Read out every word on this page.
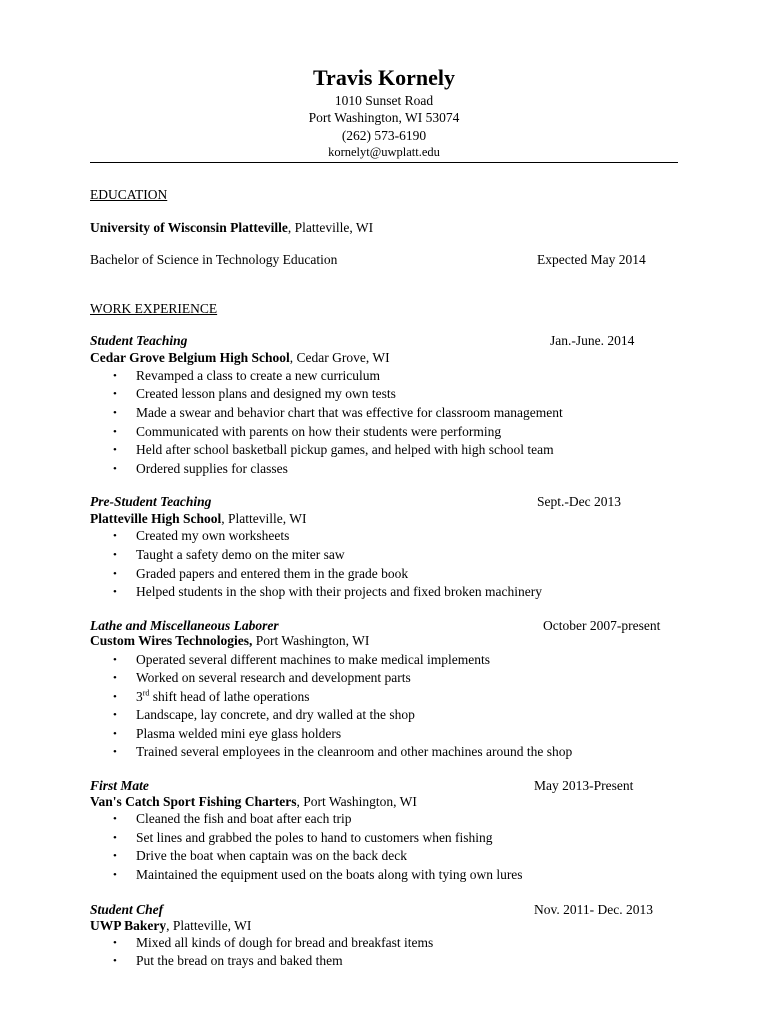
Travis Kornely
1010 Sunset Road
Port Washington, WI 53074
(262) 573-6190
kornelyt@uwplatt.edu
EDUCATION
University of Wisconsin Platteville, Platteville, WI
Bachelor of Science in Technology Education	Expected May 2014
WORK EXPERIENCE
Student Teaching	Jan.-June. 2014
Cedar Grove Belgium High School, Cedar Grove, WI
• Revamped a class to create a new curriculum
• Created lesson plans and designed my own tests
• Made a swear and behavior chart that was effective for classroom management
• Communicated with parents on how their students were performing
• Held after school basketball pickup games, and helped with high school team
• Ordered supplies for classes
Pre-Student Teaching	Sept.-Dec 2013
Platteville High School, Platteville, WI
• Created my own worksheets
• Taught a safety demo on the miter saw
• Graded papers and entered them in the grade book
• Helped students in the shop with their projects and fixed broken machinery
Lathe and Miscellaneous Laborer	October 2007-present
Custom Wires Technologies, Port Washington, WI
• Operated several different machines to make medical implements
• Worked on several research and development parts
• 3rd shift head of lathe operations
• Landscape, lay concrete, and dry walled at the shop
• Plasma welded mini eye glass holders
• Trained several employees in the cleanroom and other machines around the shop
First Mate	May 2013-Present
Van's Catch Sport Fishing Charters, Port Washington, WI
• Cleaned the fish and boat after each trip
• Set lines and grabbed the poles to hand to customers when fishing
• Drive the boat when captain was on the back deck
• Maintained the equipment used on the boats along with tying own lures
Student Chef	Nov. 2011- Dec. 2013
UWP Bakery, Platteville, WI
• Mixed all kinds of dough for bread and breakfast items
• Put the bread on trays and baked them
